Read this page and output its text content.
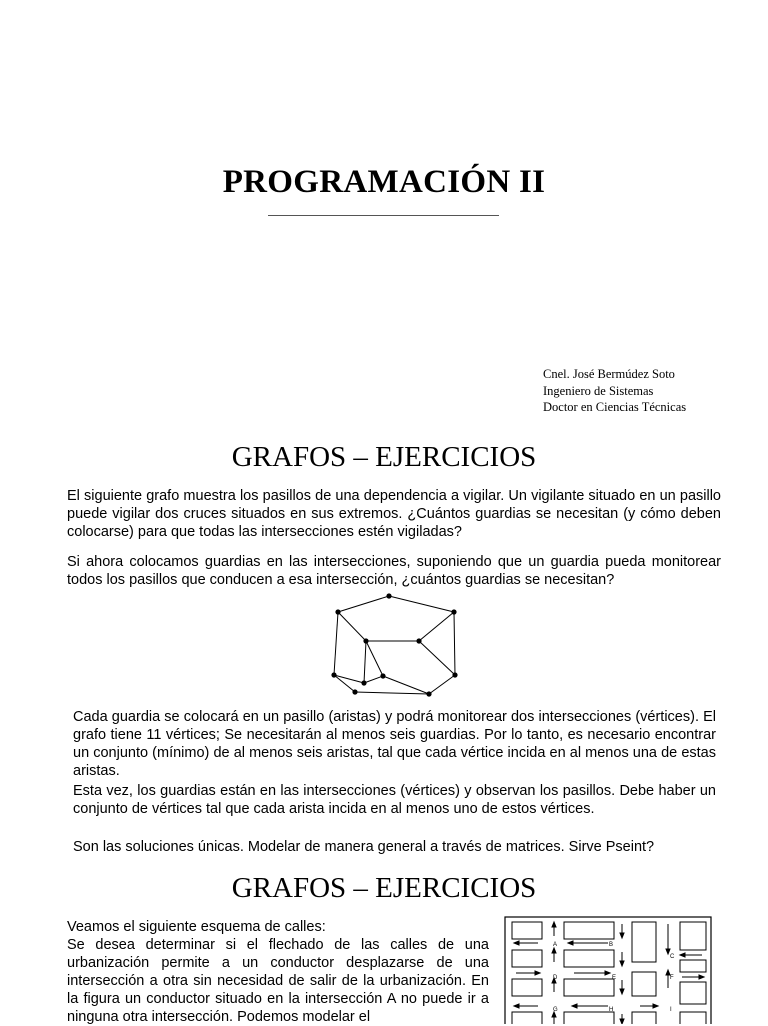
PROGRAMACIÓN II
Cnel. José Bermúdez Soto
Ingeniero de Sistemas
Doctor en Ciencias Técnicas
GRAFOS – EJERCICIOS
El siguiente grafo muestra los pasillos de una dependencia a vigilar. Un vigilante situado en un pasillo puede vigilar dos cruces situados en sus extremos. ¿Cuántos guardias se necesitan (y cómo deben colocarse) para que todas las intersecciones estén vigiladas?
Si ahora colocamos guardias en las intersecciones, suponiendo que un guardia pueda monitorear todos los pasillos que conducen a esa intersección, ¿cuántos guardias se necesitan?
Cada guardia se colocará en un pasillo (aristas) y podrá monitorear dos intersecciones (vértices). El grafo tiene 11 vértices; Se necesitarán al menos seis guardias. Por lo tanto, es necesario encontrar un conjunto (mínimo) de al menos seis aristas, tal que cada vértice incida en al menos una de estas aristas.
Esta vez, los guardias están en las intersecciones (vértices) y observan los pasillos. Debe haber un conjunto de vértices tal que cada arista incida en al menos uno de estos vértices.
Son las soluciones únicas. Modelar de manera general a través de matrices. Sirve Pseint?
GRAFOS – EJERCICIOS
Veamos el siguiente esquema de calles:
Se desea determinar si el flechado de las calles de una urbanización permite a un conductor desplazarse de una intersección a otra sin necesidad de salir de la urbanización. En la figura un conductor situado en la intersección A no puede ir a ninguna otra intersección. Podemos modelar el
A	B
C
D	E	F
G	H	I
